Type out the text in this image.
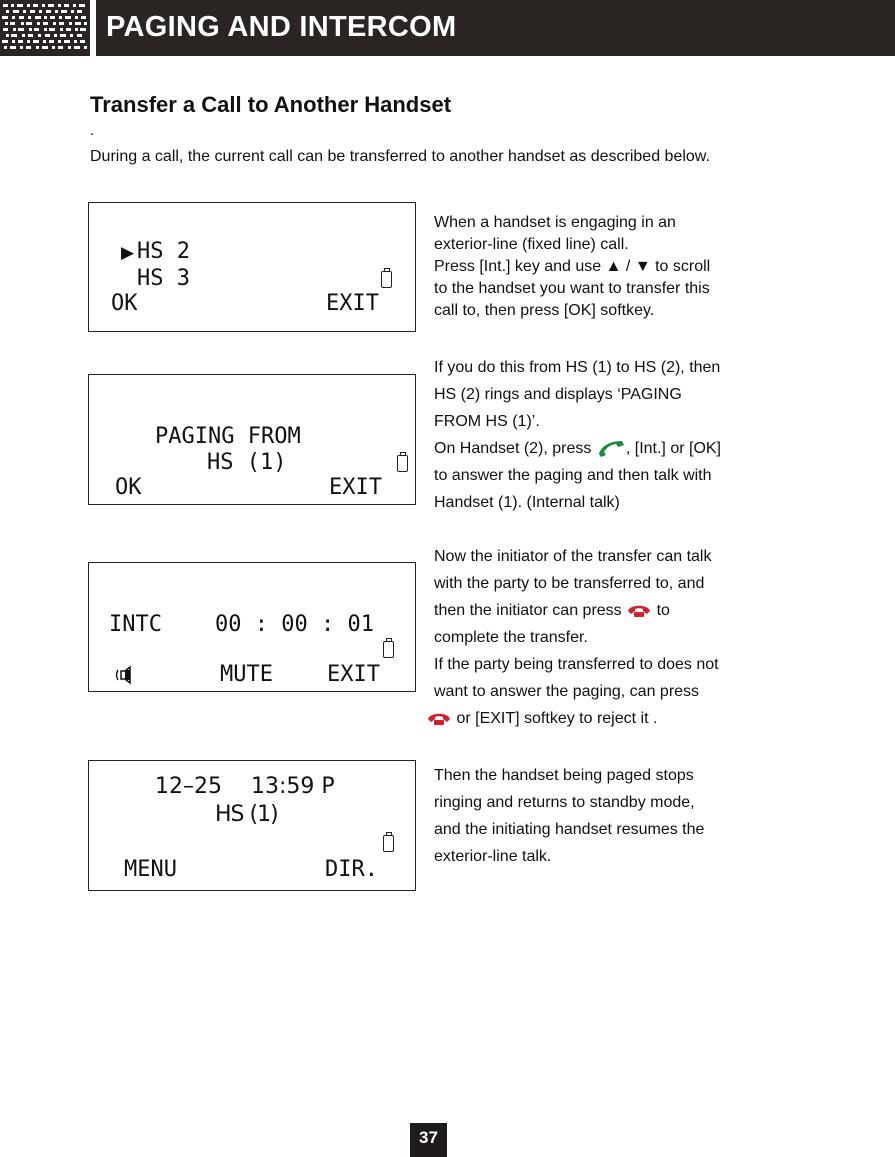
PAGING AND INTERCOM
Transfer a Call to Another Handset
.
During a call, the current call can be transferred to another handset as described below.
▶ HS 2
HS 3
OK	EXIT

When a handset is engaging in an

exterior-line (fixed line) call.

Press [Int.] key and use ▲ / ▼ to scroll

to the handset you want to transfer this

call to, then press [OK] softkey.

PAGING FROM
HS (1)
OK	EXIT

If you do this from HS (1) to HS (2), then

HS (2) rings and displays ‘PAGING

FROM HS (1)’.

On Handset (2), press , [Int.] or [OK]

to answer the paging and then talk with

Handset (1). (Internal talk)

INTC 00 : 00 : 01
MUTE EXIT

Now the initiator of the transfer can talk

with the party to be transferred to, and

then the initiator can press to

complete the transfer.

If the party being transferred to does not

want to answer the paging, can press

or [EXIT] softkey to reject it .

12–25 13:59 P
HS (1)
MENU	DIR.

Then the handset being paged stops

ringing and returns to standby mode,

and the initiating handset resumes the

exterior-line talk.

37
